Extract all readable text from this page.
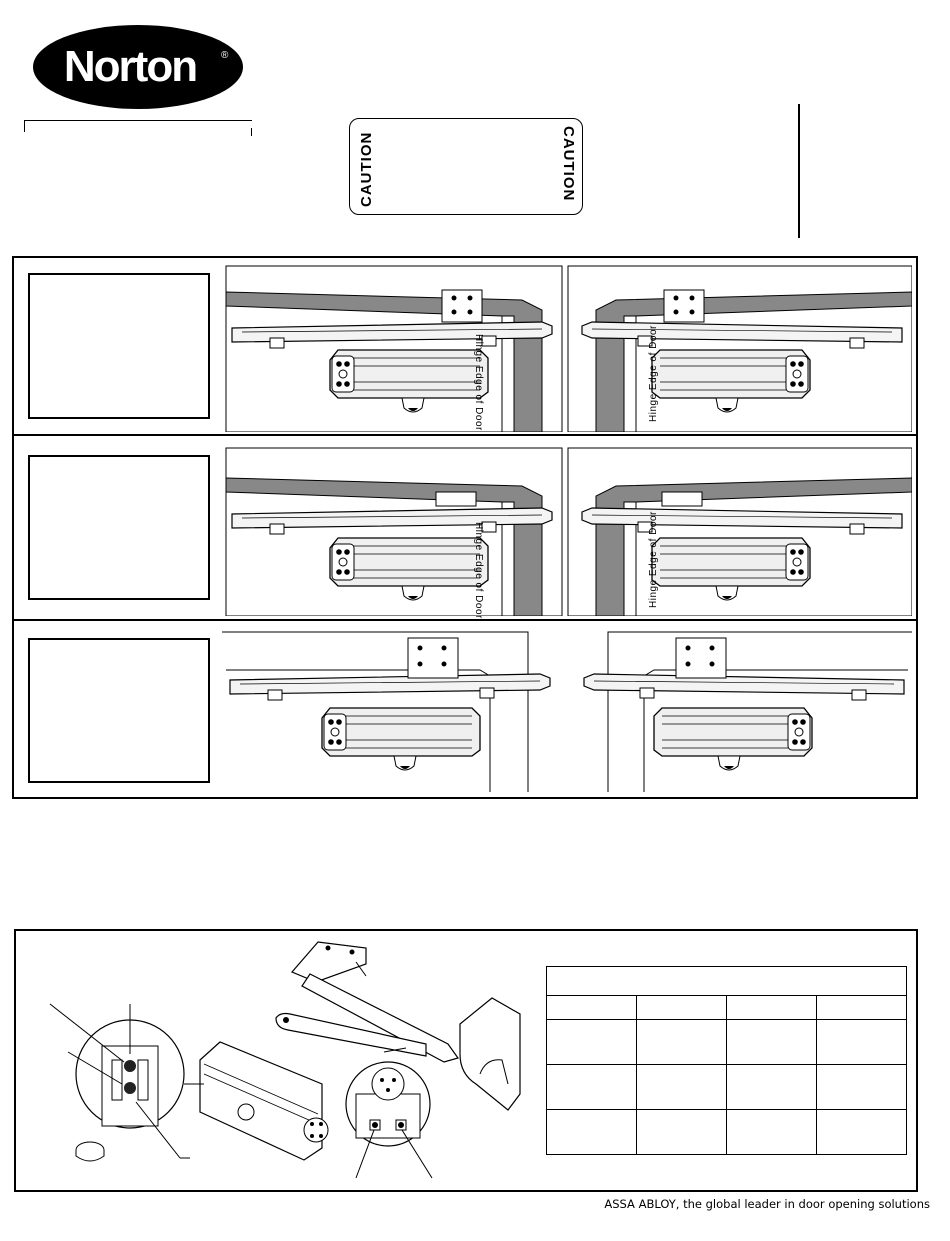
Norton ®
CAUTION	CAUTION
Hinge Edge of Door	Hinge Edge of Door
Hinge Edge of Door	Hinge Edge of Door

ASSA ABLOY, the global leader in door opening solutions
